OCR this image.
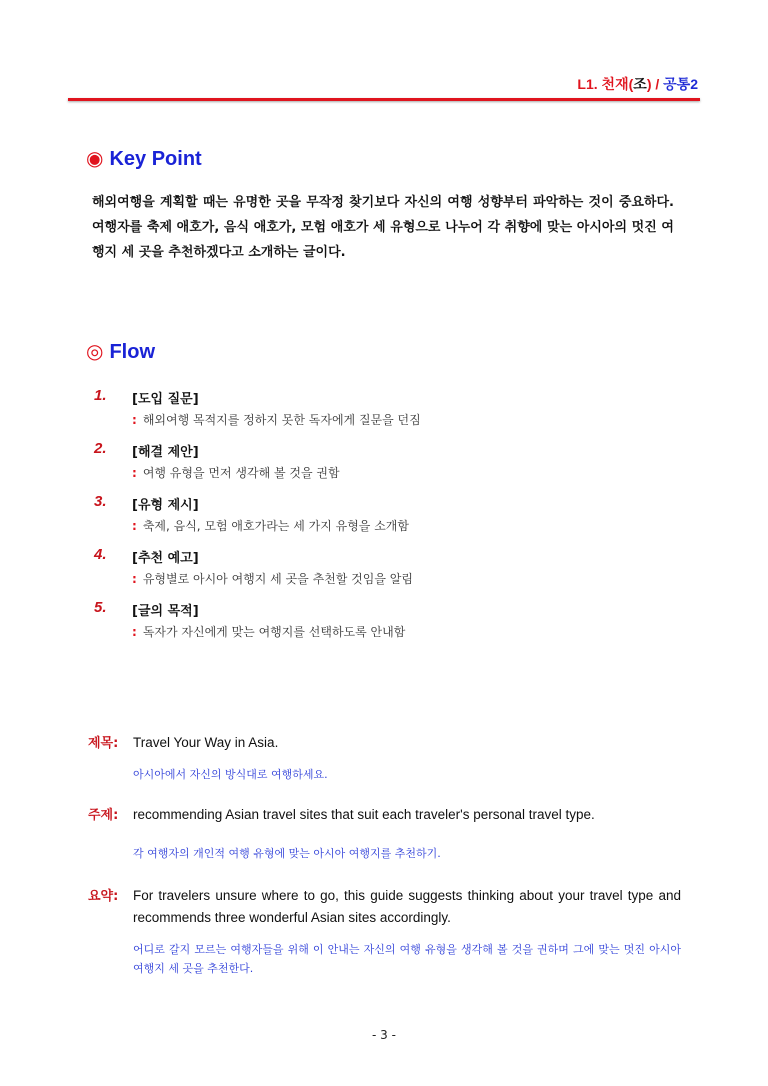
L1. 천재(조) / 공통2
◉ Key Point
해외여행을 계획할 때는 유명한 곳을 무작정 찾기보다 자신의 여행 성향부터 파악하는 것이 중요하다. 여행자를 축제 애호가, 음식 애호가, 모험 애호가 세 유형으로 나누어 각 취향에 맞는 아시아의 멋진 여행지 세 곳을 추천하겠다고 소개하는 글이다.
◎ Flow
1. [도입 질문]
: 해외여행 목적지를 정하지 못한 독자에게 질문을 던짐
2. [해결 제안]
: 여행 유형을 먼저 생각해 볼 것을 권함
3. [유형 제시]
: 축제, 음식, 모험 애호가라는 세 가지 유형을 소개함
4. [추천 예고]
: 유형별로 아시아 여행지 세 곳을 추천할 것임을 알림
5. [글의 목적]
: 독자가 자신에게 맞는 여행지를 선택하도록 안내함
제목: Travel Your Way in Asia.
아시아에서 자신의 방식대로 여행하세요.
주제: recommending Asian travel sites that suit each traveler's personal travel type.
각 여행자의 개인적 여행 유형에 맞는 아시아 여행지를 추천하기.
요약: For travelers unsure where to go, this guide suggests thinking about your travel type and recommends three wonderful Asian sites accordingly.
어디로 갈지 모르는 여행자들을 위해 이 안내는 자신의 여행 유형을 생각해 볼 것을 권하며 그에 맞는 멋진 아시아 여행지 세 곳을 추천한다.
- 3 -
